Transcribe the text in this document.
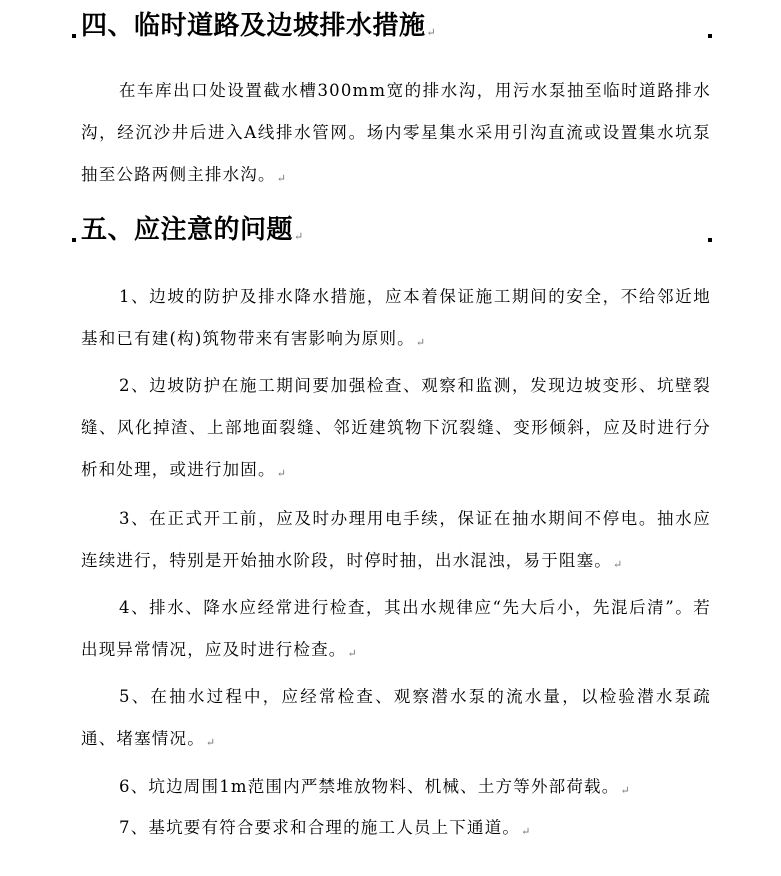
四、临时道路及边坡排水措施↵
在车库出口处设置截水槽300mm宽的排水沟，用污水泵抽至临时道路排水沟，经沉沙井后进入A线排水管网。场内零星集水采用引沟直流或设置集水坑泵抽至公路两侧主排水沟。↵
五、应注意的问题↵
1、边坡的防护及排水降水措施，应本着保证施工期间的安全，不给邻近地基和已有建(构)筑物带来有害影响为原则。↵
2、边坡防护在施工期间要加强检查、观察和监测，发现边坡变形、坑壁裂缝、风化掉渣、上部地面裂缝、邻近建筑物下沉裂缝、变形倾斜，应及时进行分析和处理，或进行加固。↵
3、在正式开工前，应及时办理用电手续，保证在抽水期间不停电。抽水应连续进行，特别是开始抽水阶段，时停时抽，出水混浊，易于阻塞。↵
4、排水、降水应经常进行检查，其出水规律应“先大后小，先混后清”。若出现异常情况，应及时进行检查。↵
5、在抽水过程中，应经常检查、观察潜水泵的流水量，以检验潜水泵疏通、堵塞情况。↵
6、坑边周围1m范围内严禁堆放物料、机械、土方等外部荷载。↵
7、基坑要有符合要求和合理的施工人员上下通道。↵
